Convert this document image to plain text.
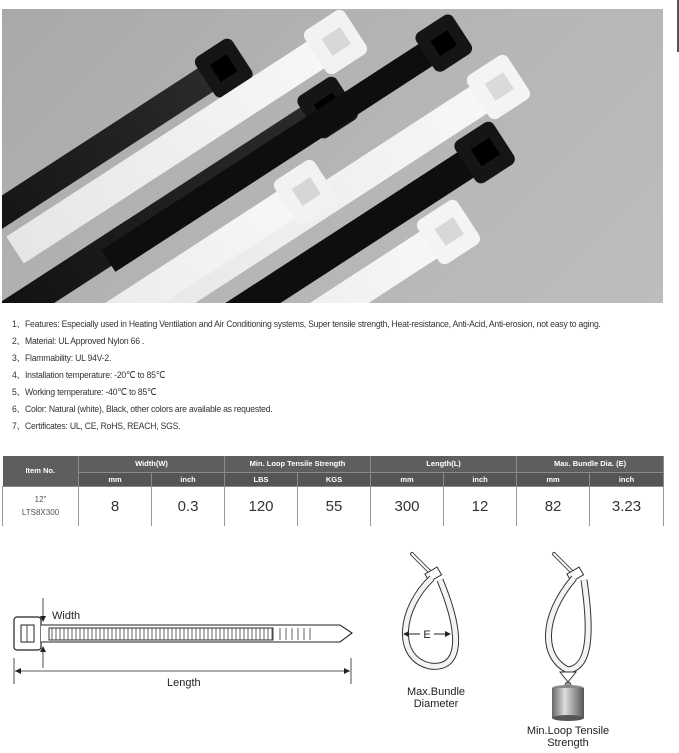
1、Features: Especially used in Heating Ventilation and Air Conditioning systems, Super tensile strength, Heat-resistance, Anti-Acid, Anti-erosion, not easy to aging.
2、Material: UL Approved Nylon 66 .
3、Flammability: UL 94V-2.
4、Installation temperature: -20℃ to 85℃
5、Working temperature: -40℃ to 85℃
6、Color: Natural (white), Black, other colors are available as requested.
7、Certificates: UL, CE, RoHS, REACH, SGS.
Item No.	Width(W)		Min. Loop Tensile Strength		Length(L)		Max. Bundle Dia. (E)	
	mm	inch	LBS	KGS	mm	inch	mm	inch

12"
LTS8X300	8	0.3	120	55	300	12	82	3.23
Width
Length
E
Max.Bundle
Diameter
Min.Loop Tensile
Strength
